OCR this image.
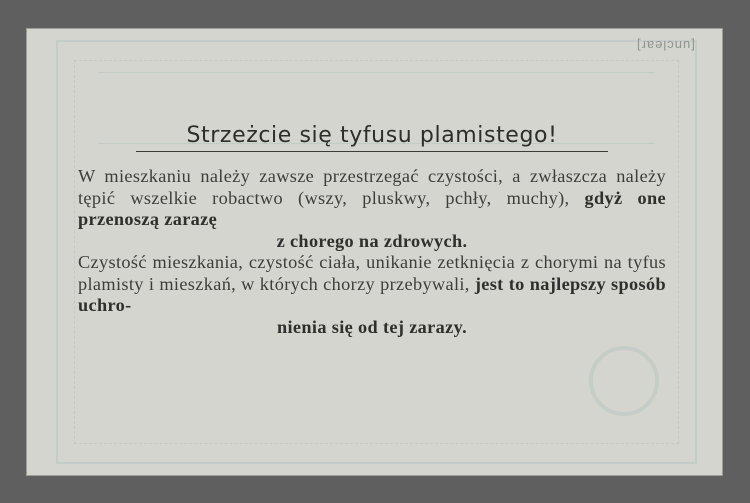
[unclear]
Strzeżcie się tyfusu plamistego!

W mieszkaniu należy zawsze przestrzegać czystości, a zwłaszcza należy tępić wszelkie robactwo (wszy, pluskwy, pchły, muchy), gdyż one przenoszą zarazę
z chorego na zdrowych.

Czystość mieszkania, czystość ciała, unikanie zetknięcia z chorymi na tyfus plamisty i mieszkań, w których chorzy przebywali, jest to najlepszy sposób uchro-
nienia się od tej zarazy.
